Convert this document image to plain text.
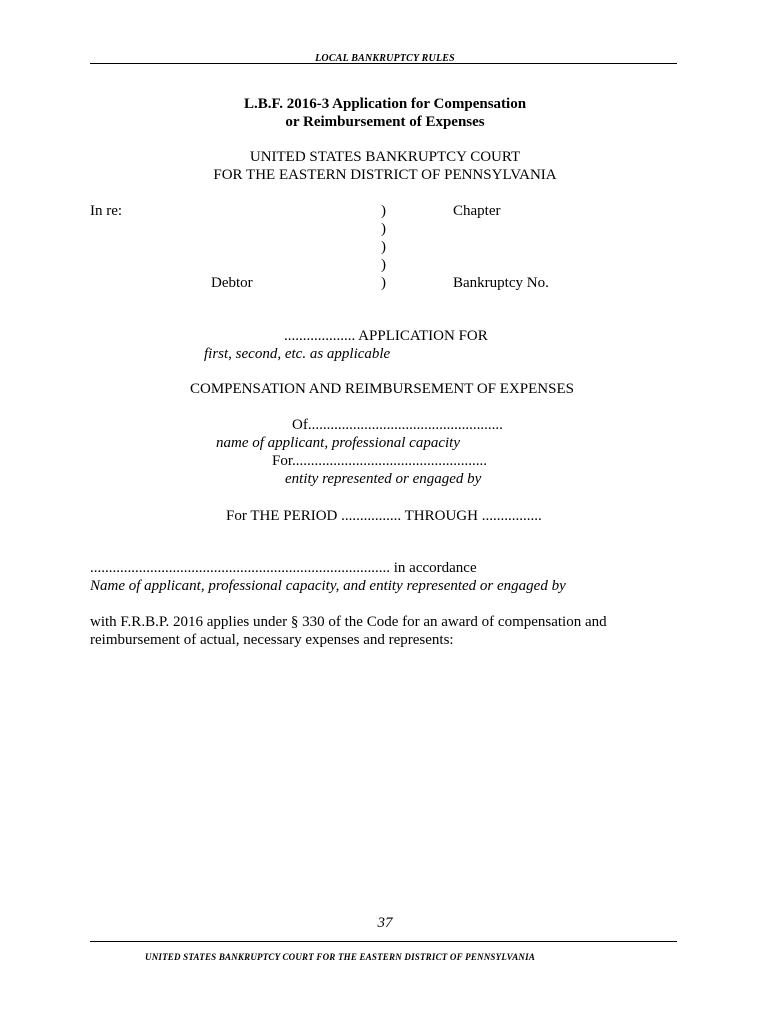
LOCAL BANKRUPTCY RULES
L.B.F. 2016-3 Application for Compensation
or Reimbursement of Expenses
UNITED STATES BANKRUPTCY COURT
FOR THE EASTERN DISTRICT OF PENNSYLVANIA
In re:	)
)
)
)
)
Chapter
Debtor	Bankruptcy No.
................... APPLICATION FOR
first, second, etc. as applicable
COMPENSATION AND REIMBURSEMENT OF EXPENSES
Of....................................................
name of applicant, professional capacity
For....................................................
entity represented or engaged by
For THE PERIOD ................ THROUGH ................
................................................................................ in accordance
Name of applicant, professional capacity, and entity represented or engaged by
with F.R.B.P. 2016 applies under § 330 of the Code for an award of compensation and
reimbursement of actual, necessary expenses and represents:
37
UNITED STATES BANKRUPTCY COURT FOR THE EASTERN DISTRICT OF PENNSYLVANIA
